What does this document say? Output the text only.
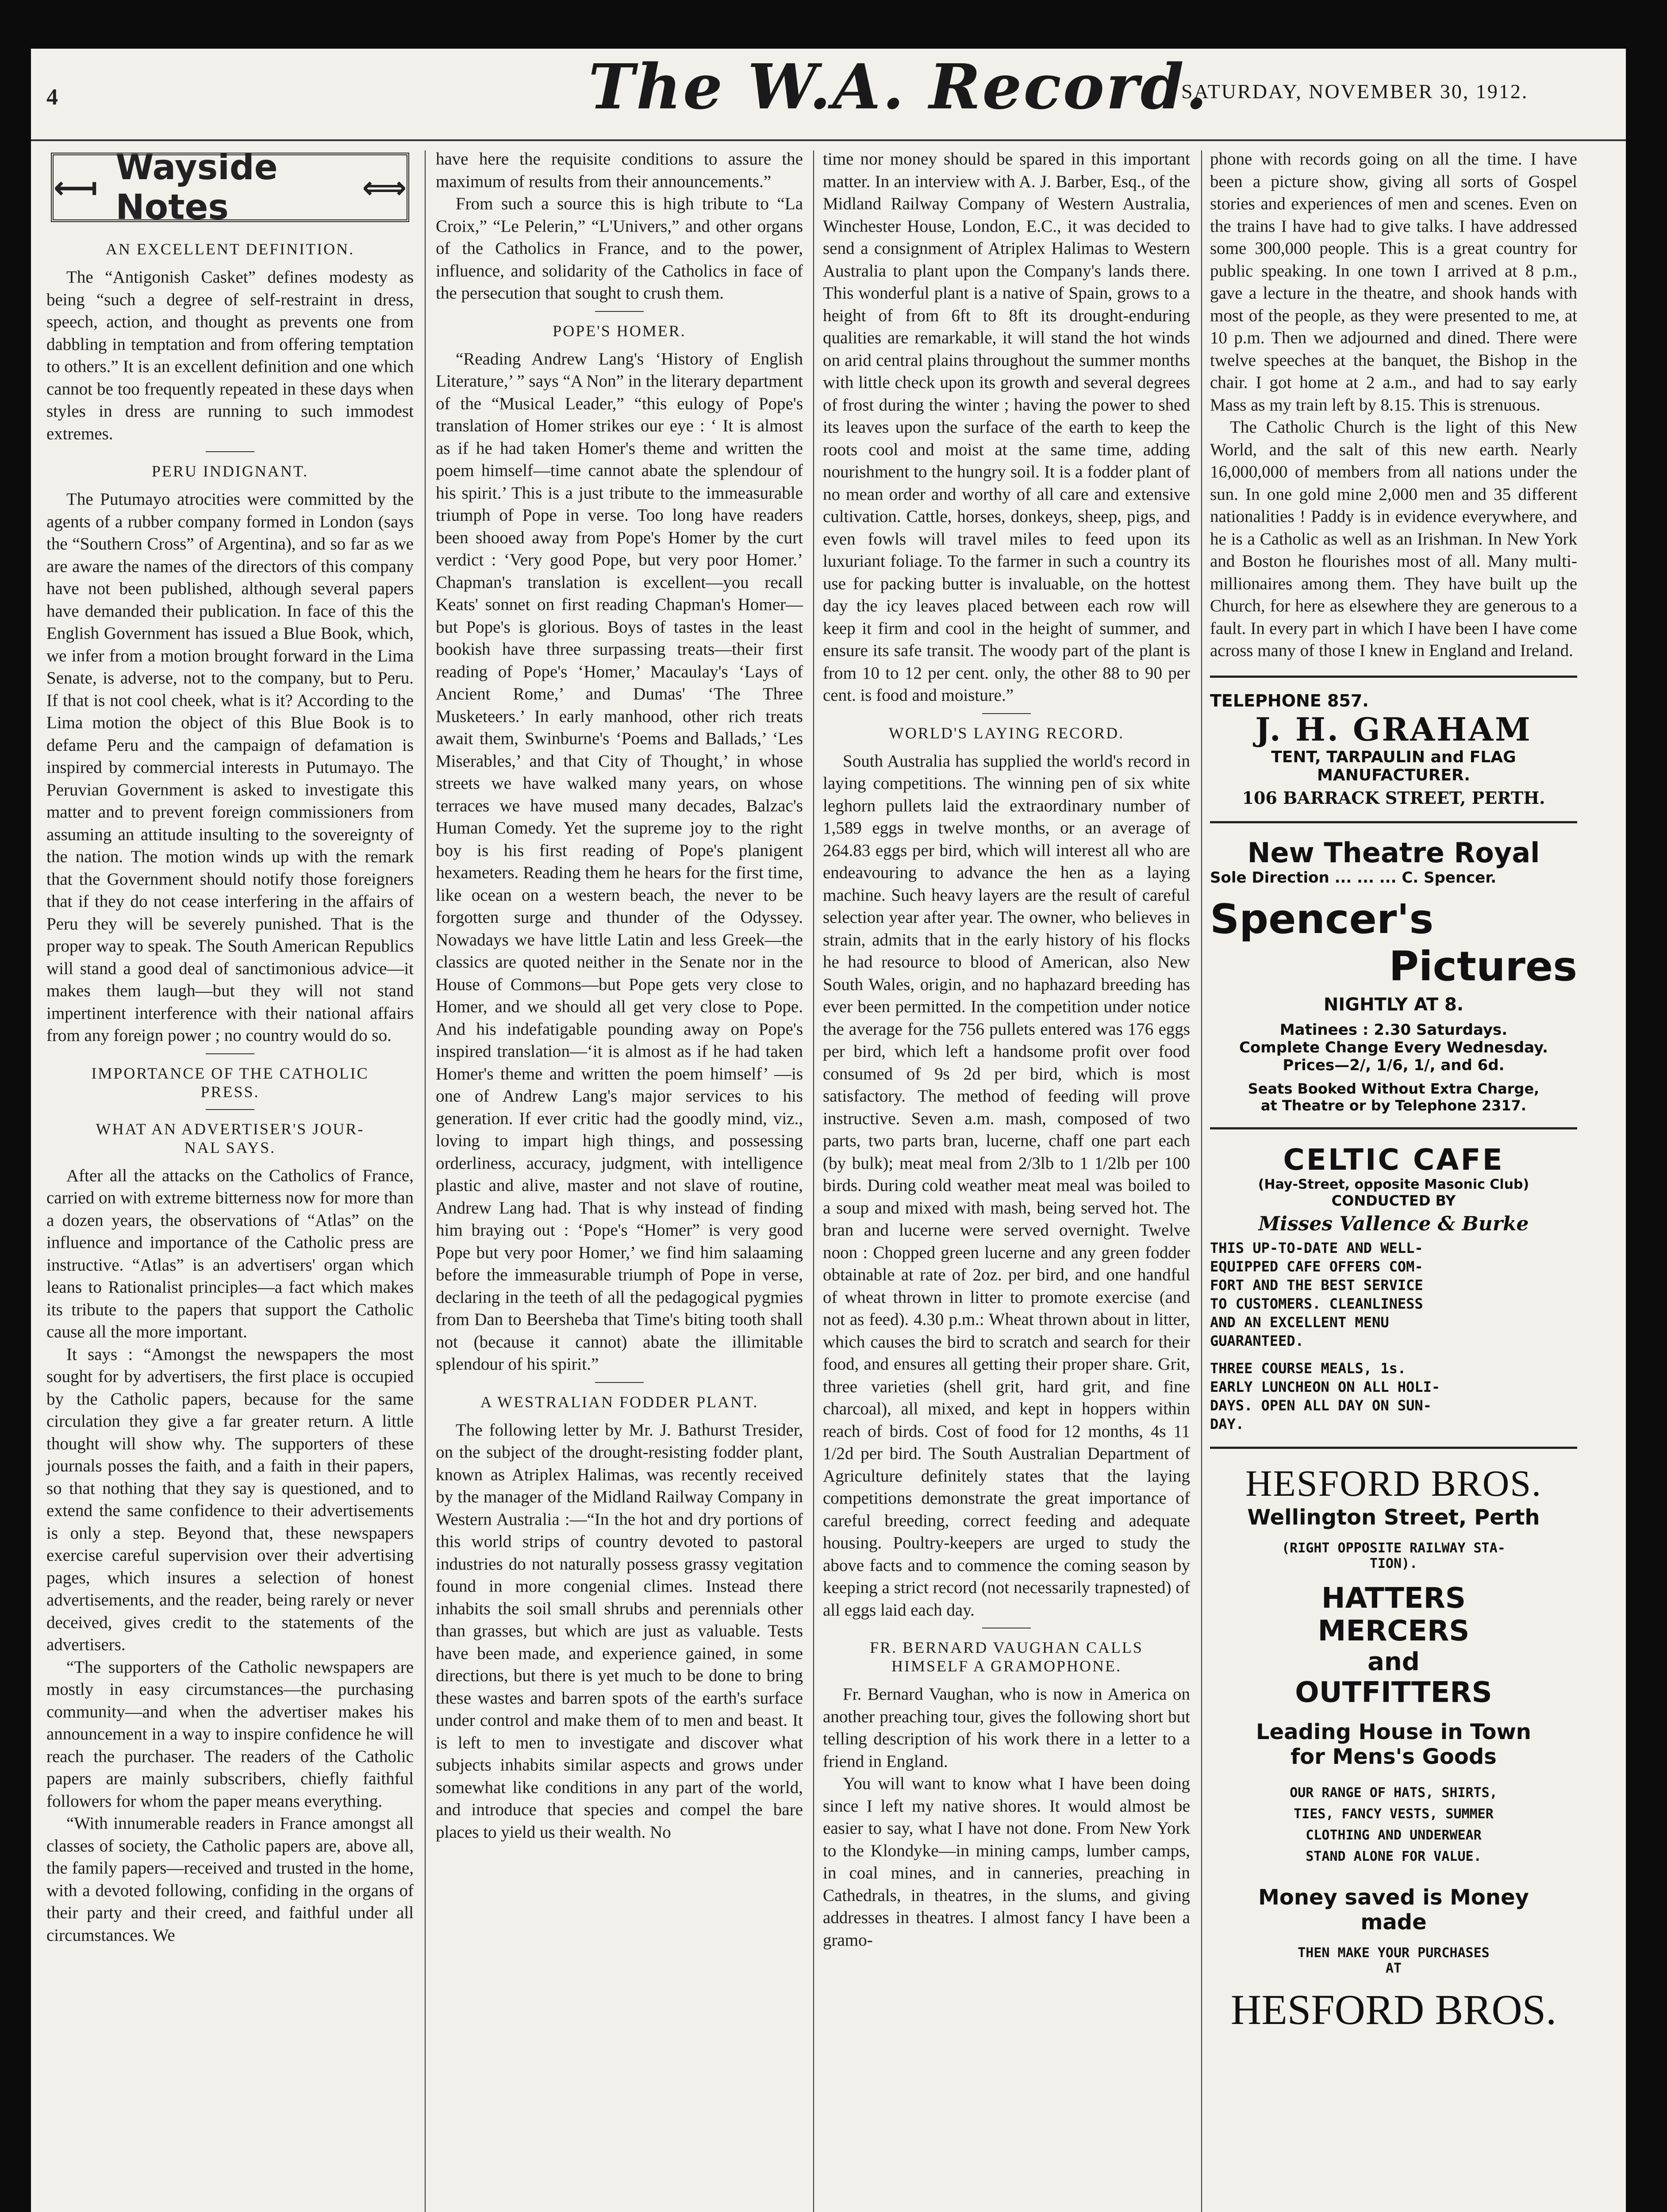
4	The W.A. Record.
SATURDAY, NOVEMBER 30, 1912.
⟻ Wayside Notes	⟺
AN EXCELLENT DEFINITION.

The “Antigonish Casket” defines modesty as being “such a degree of self-restraint in dress, speech, action, and thought as prevents one from dabbling in temptation and from offering temptation to others.” It is an excellent definition and one which cannot be too frequently repeated in these days when styles in dress are running to such immodest extremes.

PERU INDIGNANT.

The Putumayo atrocities were committed by the agents of a rubber company formed in London (says the “Southern Cross” of Argentina), and so far as we are aware the names of the directors of this company have not been published, although several papers have demanded their publication. In face of this the English Government has issued a Blue Book, which, we infer from a motion brought forward in the Lima Senate, is adverse, not to the company, but to Peru. If that is not cool cheek, what is it? According to the Lima motion the object of this Blue Book is to defame Peru and the campaign of defamation is inspired by commercial interests in Putumayo. The Peruvian Government is asked to investigate this matter and to prevent foreign commissioners from assuming an attitude insulting to the sovereignty of the nation. The motion winds up with the remark that the Government should notify those foreigners that if they do not cease interfering in the affairs of Peru they will be severely punished. That is the proper way to speak. The South American Republics will stand a good deal of sanctimonious advice—it makes them laugh—but they will not stand impertinent interference with their national affairs from any foreign power ; no country would do so.

IMPORTANCE OF THE CATHOLIC
PRESS.
WHAT AN ADVERTISER'S JOUR-
NAL SAYS.

After all the attacks on the Catholics of France, carried on with extreme bitterness now for more than a dozen years, the observations of “Atlas” on the influence and importance of the Catholic press are instructive. “Atlas” is an advertisers' organ which leans to Rationalist principles—a fact which makes its tribute to the papers that support the Catholic cause all the more important.

It says : “Amongst the newspapers the most sought for by advertisers, the first place is occupied by the Catholic papers, because for the same circulation they give a far greater return. A little thought will show why. The supporters of these journals posses the faith, and a faith in their papers, so that nothing that they say is questioned, and to extend the same confidence to their advertisements is only a step. Beyond that, these newspapers exercise careful supervision over their advertising pages, which insures a selection of honest advertisements, and the reader, being rarely or never deceived, gives credit to the statements of the advertisers.

“The supporters of the Catholic newspapers are mostly in easy circumstances—the purchasing community—and when the advertiser makes his announcement in a way to inspire confidence he will reach the purchaser. The readers of the Catholic papers are mainly subscribers, chiefly faithful followers for whom the paper means everything.

“With innumerable readers in France amongst all classes of society, the Catholic papers are, above all, the family papers—received and trusted in the home, with a devoted following, confiding in the organs of their party and their creed, and faithful under all circumstances. We

have here the requisite conditions to assure the maximum of results from their announcements.”

From such a source this is high tribute to “La Croix,” “Le Pelerin,” “L'Univers,” and other organs of the Catholics in France, and to the power, influence, and solidarity of the Catholics in face of the persecution that sought to crush them.

POPE'S HOMER.

“Reading Andrew Lang's ‘History of English Literature,’ ” says “A Non” in the literary department of the “Musical Leader,” “this eulogy of Pope's translation of Homer strikes our eye : ‘ It is almost as if he had taken Homer's theme and written the poem himself—time cannot abate the splendour of his spirit.’ This is a just tribute to the immeasurable triumph of Pope in verse. Too long have readers been shooed away from Pope's Homer by the curt verdict : ‘Very good Pope, but very poor Homer.’ Chapman's translation is excellent—you recall Keats' sonnet on first reading Chapman's Homer—but Pope's is glorious. Boys of tastes in the least bookish have three surpassing treats—their first reading of Pope's ‘Homer,’ Macaulay's ‘Lays of Ancient Rome,’ and Dumas' ‘The Three Musketeers.’ In early manhood, other rich treats await them, Swinburne's ‘Poems and Ballads,’ ‘Les Miserables,’ and that City of Thought,’ in whose streets we have walked many years, on whose terraces we have mused many decades, Balzac's Human Comedy. Yet the supreme joy to the right boy is his first reading of Pope's planigent hexameters. Reading them he hears for the first time, like ocean on a western beach, the never to be forgotten surge and thunder of the Odyssey. Nowadays we have little Latin and less Greek—the classics are quoted neither in the Senate nor in the House of Commons—but Pope gets very close to Homer, and we should all get very close to Pope. And his indefatigable pounding away on Pope's inspired translation—‘it is almost as if he had taken Homer's theme and written the poem himself’ —is one of Andrew Lang's major services to his generation. If ever critic had the goodly mind, viz., loving to impart high things, and possessing orderliness, accuracy, judgment, with intelligence plastic and alive, master and not slave of routine, Andrew Lang had. That is why instead of finding him braying out : ‘Pope's “Homer” is very good Pope but very poor Homer,’ we find him salaaming before the immeasurable triumph of Pope in verse, declaring in the teeth of all the pedagogical pygmies from Dan to Beersheba that Time's biting tooth shall not (because it cannot) abate the illimitable splendour of his spirit.”

A WESTRALIAN FODDER PLANT.

The following letter by Mr. J. Bathurst Tresider, on the subject of the drought-resisting fodder plant, known as Atriplex Halimas, was recently received by the manager of the Midland Railway Company in Western Australia :—“In the hot and dry portions of this world strips of country devoted to pastoral industries do not naturally possess grassy vegitation found in more congenial climes. Instead there inhabits the soil small shrubs and perennials other than grasses, but which are just as valuable. Tests have been made, and experience gained, in some directions, but there is yet much to be done to bring these wastes and barren spots of the earth's surface under control and make them of to men and beast. It is left to men to investigate and discover what subjects inhabits similar aspects and grows under somewhat like conditions in any part of the world, and introduce that species and compel the bare places to yield us their wealth. No

time nor money should be spared in this important matter. In an interview with A. J. Barber, Esq., of the Midland Railway Company of Western Australia, Winchester House, London, E.C., it was decided to send a consignment of Atriplex Halimas to Western Australia to plant upon the Company's lands there. This wonderful plant is a native of Spain, grows to a height of from 6ft to 8ft its drought-enduring qualities are remarkable, it will stand the hot winds on arid central plains throughout the summer months with little check upon its growth and several degrees of frost during the winter ; having the power to shed its leaves upon the surface of the earth to keep the roots cool and moist at the same time, adding nourishment to the hungry soil. It is a fodder plant of no mean order and worthy of all care and extensive cultivation. Cattle, horses, donkeys, sheep, pigs, and even fowls will travel miles to feed upon its luxuriant foliage. To the farmer in such a country its use for packing butter is invaluable, on the hottest day the icy leaves placed between each row will keep it firm and cool in the height of summer, and ensure its safe transit. The woody part of the plant is from 10 to 12 per cent. only, the other 88 to 90 per cent. is food and moisture.”

WORLD'S LAYING RECORD.

South Australia has supplied the world's record in laying competitions. The winning pen of six white leghorn pullets laid the extraordinary number of 1,589 eggs in twelve months, or an average of 264.83 eggs per bird, which will interest all who are endeavouring to advance the hen as a laying machine. Such heavy layers are the result of careful selection year after year. The owner, who believes in strain, admits that in the early history of his flocks he had resource to blood of American, also New South Wales, origin, and no haphazard breeding has ever been permitted. In the competition under notice the average for the 756 pullets entered was 176 eggs per bird, which left a handsome profit over food consumed of 9s 2d per bird, which is most satisfactory. The method of feeding will prove instructive. Seven a.m. mash, composed of two parts, two parts bran, lucerne, chaff one part each (by bulk); meat meal from 2/3lb to 1 1/2lb per 100 birds. During cold weather meat meal was boiled to a soup and mixed with mash, being served hot. The bran and lucerne were served overnight. Twelve noon : Chopped green lucerne and any green fodder obtainable at rate of 2oz. per bird, and one handful of wheat thrown in litter to promote exercise (and not as feed). 4.30 p.m.: Wheat thrown about in litter, which causes the bird to scratch and search for their food, and ensures all getting their proper share. Grit, three varieties (shell grit, hard grit, and fine charcoal), all mixed, and kept in hoppers within reach of birds. Cost of food for 12 months, 4s 11 1/2d per bird. The South Australian Department of Agriculture definitely states that the laying competitions demonstrate the great importance of careful breeding, correct feeding and adequate housing. Poultry-keepers are urged to study the above facts and to commence the coming season by keeping a strict record (not necessarily trapnested) of all eggs laid each day.

FR. BERNARD VAUGHAN CALLS
HIMSELF A GRAMOPHONE.

Fr. Bernard Vaughan, who is now in America on another preaching tour, gives the following short but telling description of his work there in a letter to a friend in England.

You will want to know what I have been doing since I left my native shores. It would almost be easier to say, what I have not done. From New York to the Klondyke—in mining camps, lumber camps, in coal mines, and in canneries, preaching in Cathedrals, in theatres, in the slums, and giving addresses in theatres. I almost fancy I have been a gramo-

phone with records going on all the time. I have been a picture show, giving all sorts of Gospel stories and experiences of men and scenes. Even on the trains I have had to give talks. I have addressed some 300,000 people. This is a great country for public speaking. In one town I arrived at 8 p.m., gave a lecture in the theatre, and shook hands with most of the people, as they were presented to me, at 10 p.m. Then we adjourned and dined. There were twelve speeches at the banquet, the Bishop in the chair. I got home at 2 a.m., and had to say early Mass as my train left by 8.15. This is strenuous.

The Catholic Church is the light of this New World, and the salt of this new earth. Nearly 16,000,000 of members from all nations under the sun. In one gold mine 2,000 men and 35 different nationalities ! Paddy is in evidence everywhere, and he is a Catholic as well as an Irishman. In New York and Boston he flourishes most of all. Many multi-millionaires among them. They have built up the Church, for here as elsewhere they are generous to a fault. In every part in which I have been I have come across many of those I knew in England and Ireland.

TELEPHONE 857.
J. H. GRAHAM
TENT, TARPAULIN and FLAG
MANUFACTURER.
106 BARRACK STREET, PERTH.
New Theatre Royal
Sole Direction ... ... ... C. Spencer.
Spencer's
Pictures
NIGHTLY AT 8.
Matinees : 2.30 Saturdays.
Complete Change Every Wednesday.
Prices—2/, 1/6, 1/, and 6d.
Seats Booked Without Extra Charge,
at Theatre or by Telephone 2317.
CELTIC CAFE
(Hay-Street, opposite Masonic Club)
CONDUCTED BY
Misses Vallence & Burke
THIS UP-TO-DATE AND WELL-
EQUIPPED CAFE OFFERS COM-
FORT AND THE BEST SERVICE
TO CUSTOMERS. CLEANLINESS
AND AN EXCELLENT MENU
GUARANTEED.
THREE COURSE MEALS, 1s.
EARLY LUNCHEON ON ALL HOLI-
DAYS. OPEN ALL DAY ON SUN-
DAY.
HESFORD BROS.
Wellington Street, Perth
(RIGHT OPPOSITE RAILWAY STA-
TION).
HATTERS
MERCERS
and
OUTFITTERS
Leading House in Town
for Mens's Goods
OUR RANGE OF HATS, SHIRTS,
TIES, FANCY VESTS, SUMMER
CLOTHING AND UNDERWEAR
STAND ALONE FOR VALUE.
Money saved is Money
made
THEN MAKE YOUR PURCHASES
AT
HESFORD BROS.
